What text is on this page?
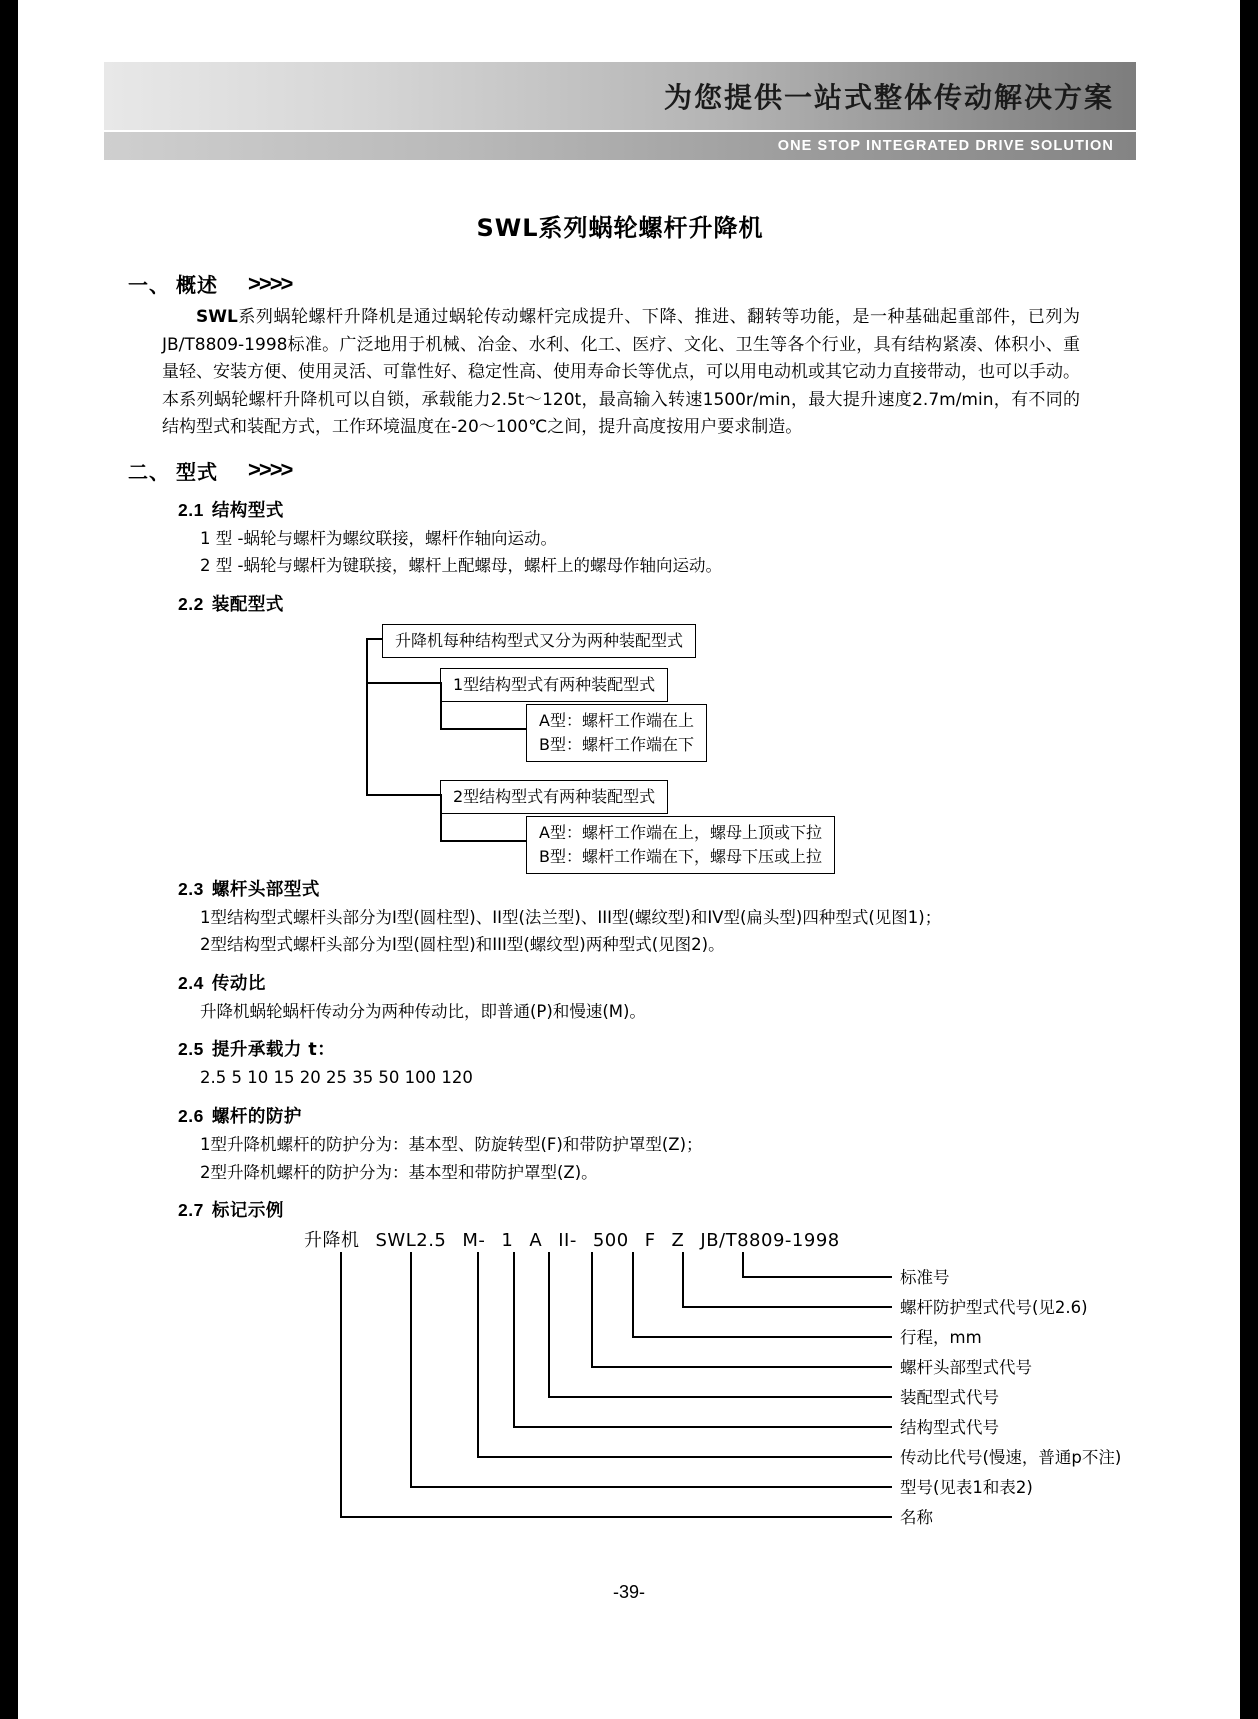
为您提供一站式整体传动解决方案
ONE STOP INTEGRATED DRIVE SOLUTION
SWL系列蜗轮螺杆升降机
一、 概述 >>>>
SWL系列蜗轮螺杆升降机是通过蜗轮传动螺杆完成提升、下降、推进、翻转等功能，是一种基础起重部件，已列为JB/T8809-1998标准。广泛地用于机械、冶金、水利、化工、医疗、文化、卫生等各个行业，具有结构紧凑、体积小、重量轻、安装方便、使用灵活、可靠性好、稳定性高、使用寿命长等优点，可以用电动机或其它动力直接带动，也可以手动。本系列蜗轮螺杆升降机可以自锁，承载能力2.5t～120t，最高输入转速1500r/min，最大提升速度2.7m/min，有不同的结构型式和装配方式，工作环境温度在-20～100℃之间，提升高度按用户要求制造。
二、 型式 >>>>
2.1 结构型式
1 型 -蜗轮与螺杆为螺纹联接，螺杆作轴向运动。
2 型 -蜗轮与螺杆为键联接，螺杆上配螺母，螺杆上的螺母作轴向运动。
2.2 装配型式
升降机每种结构型式又分为两种装配型式
1型结构型式有两种装配型式
A型：螺杆工作端在上
B型：螺杆工作端在下
2型结构型式有两种装配型式
A型：螺杆工作端在上，螺母上顶或下拉
B型：螺杆工作端在下，螺母下压或上拉
2.3 螺杆头部型式
1型结构型式螺杆头部分为I型(圆柱型)、II型(法兰型)、III型(螺纹型)和IV型(扁头型)四种型式(见图1)；
2型结构型式螺杆头部分为I型(圆柱型)和III型(螺纹型)两种型式(见图2)。
2.4 传动比
升降机蜗轮蜗杆传动分为两种传动比，即普通(P)和慢速(M)。
2.5 提升承载力 t：
2.5 5 10 15 20 25 35 50 100 120
2.6 螺杆的防护
1型升降机螺杆的防护分为：基本型、防旋转型(F)和带防护罩型(Z)；
2型升降机螺杆的防护分为：基本型和带防护罩型(Z)。
2.7 标记示例
升降机 SWL2.5 M- 1 A II- 500 F Z JB/T8809-1998
标准号
螺杆防护型式代号(见2.6)
行程，mm
螺杆头部型式代号
装配型式代号
结构型式代号
传动比代号(慢速，普通p不注)
型号(见表1和表2)
名称
-39-
